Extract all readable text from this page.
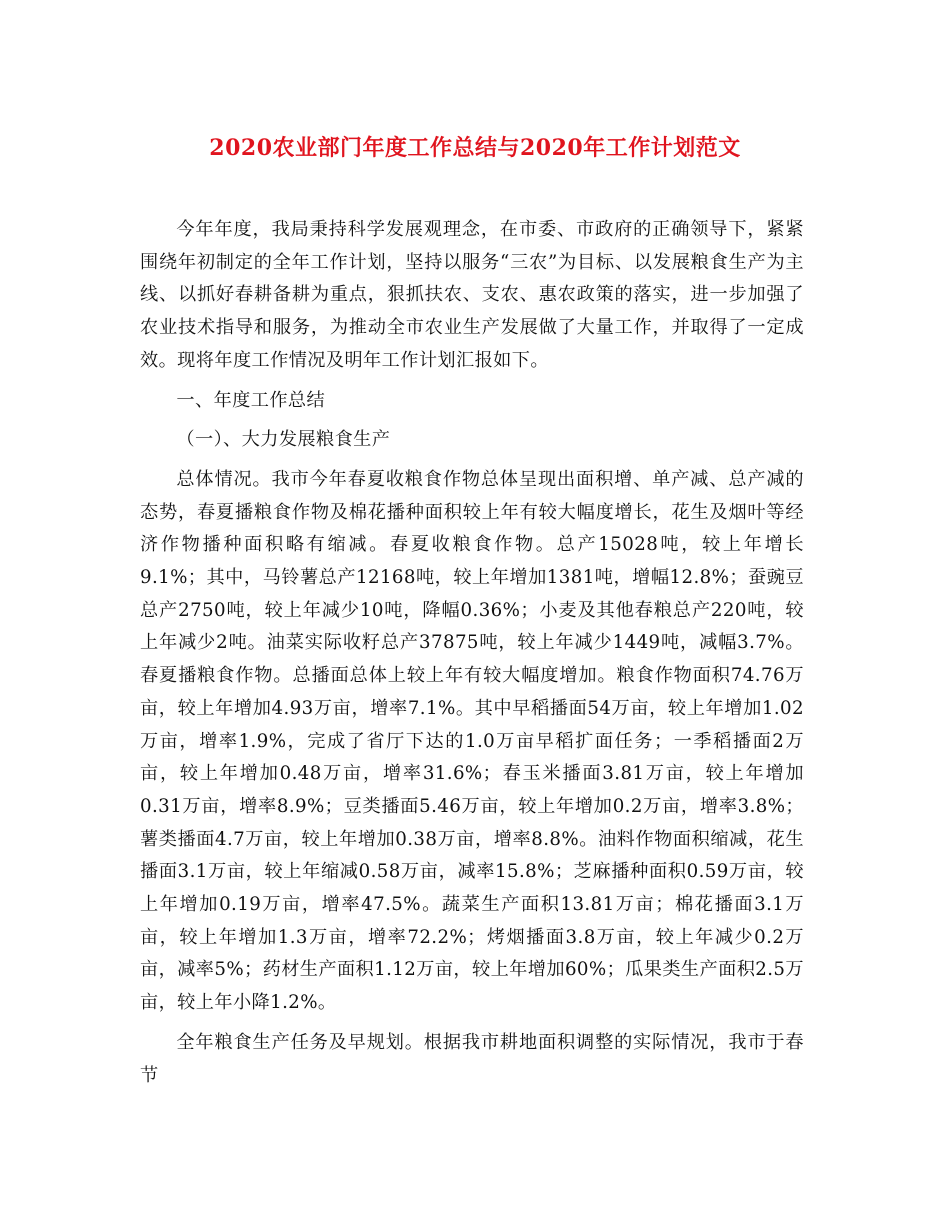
2020农业部门年度工作总结与2020年工作计划范文

今年年度，我局秉持科学发展观理念，在市委、市政府的正确领导下，紧紧围绕年初制定的全年工作计划，坚持以服务“三农”为目标、以发展粮食生产为主线、以抓好春耕备耕为重点，狠抓扶农、支农、惠农政策的落实，进一步加强了农业技术指导和服务，为推动全市农业生产发展做了大量工作，并取得了一定成效。现将年度工作情况及明年工作计划汇报如下。

一、年度工作总结

（一）、大力发展粮食生产

总体情况。我市今年春夏收粮食作物总体呈现出面积增、单产减、总产减的态势，春夏播粮食作物及棉花播种面积较上年有较大幅度增长，花生及烟叶等经济作物播种面积略有缩减。春夏收粮食作物。总产15028吨，较上年增长9.1%；其中，马铃薯总产12168吨，较上年增加1381吨，增幅12.8%；蚕豌豆总产2750吨，较上年减少10吨，降幅0.36%；小麦及其他春粮总产220吨，较上年减少2吨。油菜实际收籽总产37875吨，较上年减少1449吨，减幅3.7%。春夏播粮食作物。总播面总体上较上年有较大幅度增加。粮食作物面积74.76万亩，较上年增加4.93万亩，增率7.1%。其中早稻播面54万亩，较上年增加1.02万亩，增率1.9%，完成了省厅下达的1.0万亩早稻扩面任务；一季稻播面2万亩，较上年增加0.48万亩，增率31.6%；春玉米播面3.81万亩，较上年增加0.31万亩，增率8.9%；豆类播面5.46万亩，较上年增加0.2万亩，增率3.8%；薯类播面4.7万亩，较上年增加0.38万亩，增率8.8%。油料作物面积缩减，花生播面3.1万亩，较上年缩减0.58万亩，减率15.8%；芝麻播种面积0.59万亩，较上年增加0.19万亩，增率47.5%。蔬菜生产面积13.81万亩；棉花播面3.1万亩，较上年增加1.3万亩，增率72.2%；烤烟播面3.8万亩，较上年减少0.2万亩，减率5%；药材生产面积1.12万亩，较上年增加60%；瓜果类生产面积2.5万亩，较上年小降1.2%。

全年粮食生产任务及早规划。根据我市耕地面积调整的实际情况，我市于春节
